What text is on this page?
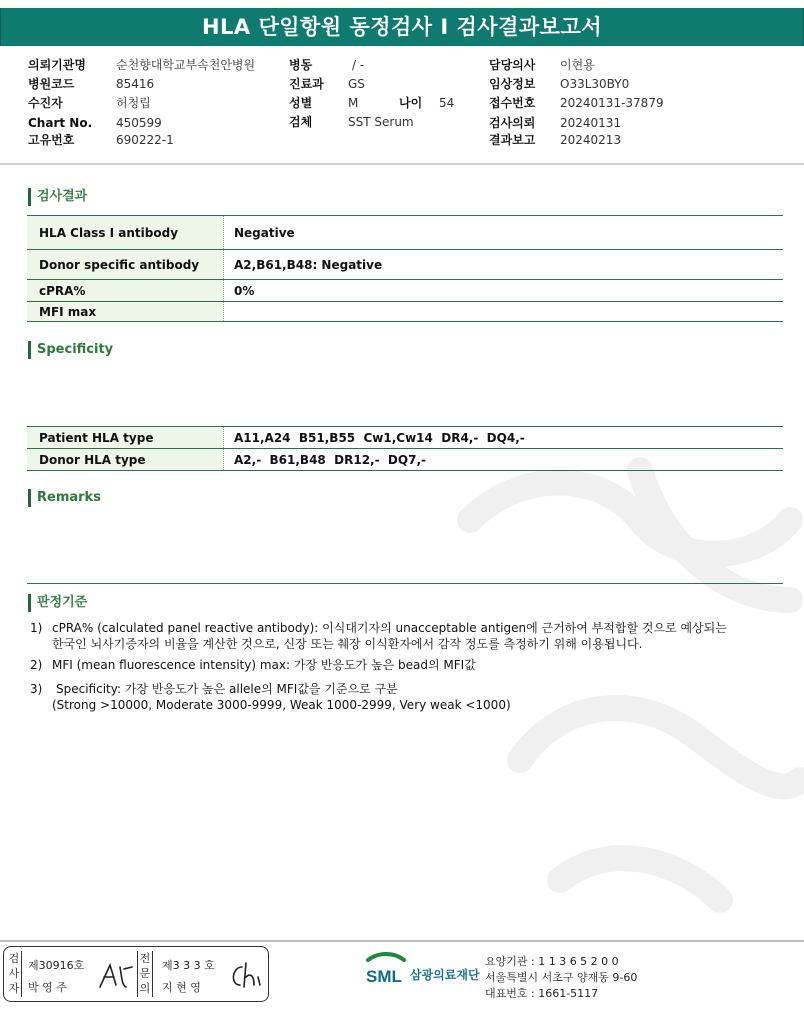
HLA 단일항원 동정검사 I 검사결과보고서
의뢰기관명	순천향대학교부속천안병원
병원코드	85416
수진자	허청립
Chart No. 450599
고유번호	690222-1
병동	/ -
진료과 GS
성별	M	나이 54
검체	SST Serum
담당의사 이현용
임상정보 O33L30BY0
접수번호 20240131-37879
검사의뢰 20240131
결과보고 20240213
검사결과
HLA Class I antibody	Negative
Donor specific antibody	A2,B61,B48: Negative
cPRA%	0%
MFI max	
Specificity
Patient HLA type	A11,A24  B51,B55  Cw1,Cw14  DR4,-  DQ4,-
Donor HLA type	A2,-  B61,B48  DR12,-  DQ7,-
Remarks
판정기준
1) cPRA% (calculated panel reactive antibody): 이식대기자의 unacceptable antigen에 근거하여 부적합할 것으로 예상되는
한국인 뇌사기증자의 비율을 계산한 것으로, 신장 또는 췌장 이식환자에서 감작 정도를 측정하기 위해 이용됩니다.
2) MFI (mean fluorescence intensity) max: 가장 반응도가 높은 bead의 MFI값
3) Specificity: 가장 반응도가 높은 allele의 MFI값을 기준으로 구분
(Strong >10000, Moderate 3000-9999, Weak 1000-2999, Very weak <1000)
검사자
제30916호
박 영 주
전문의
제3 3 3 호
지 현 영
SML 삼광의료재단
요양기관 : 1 1 3 6 5 2 0 0
서울특별시 서초구 양재동 9-60
대표번호 : 1661-5117
